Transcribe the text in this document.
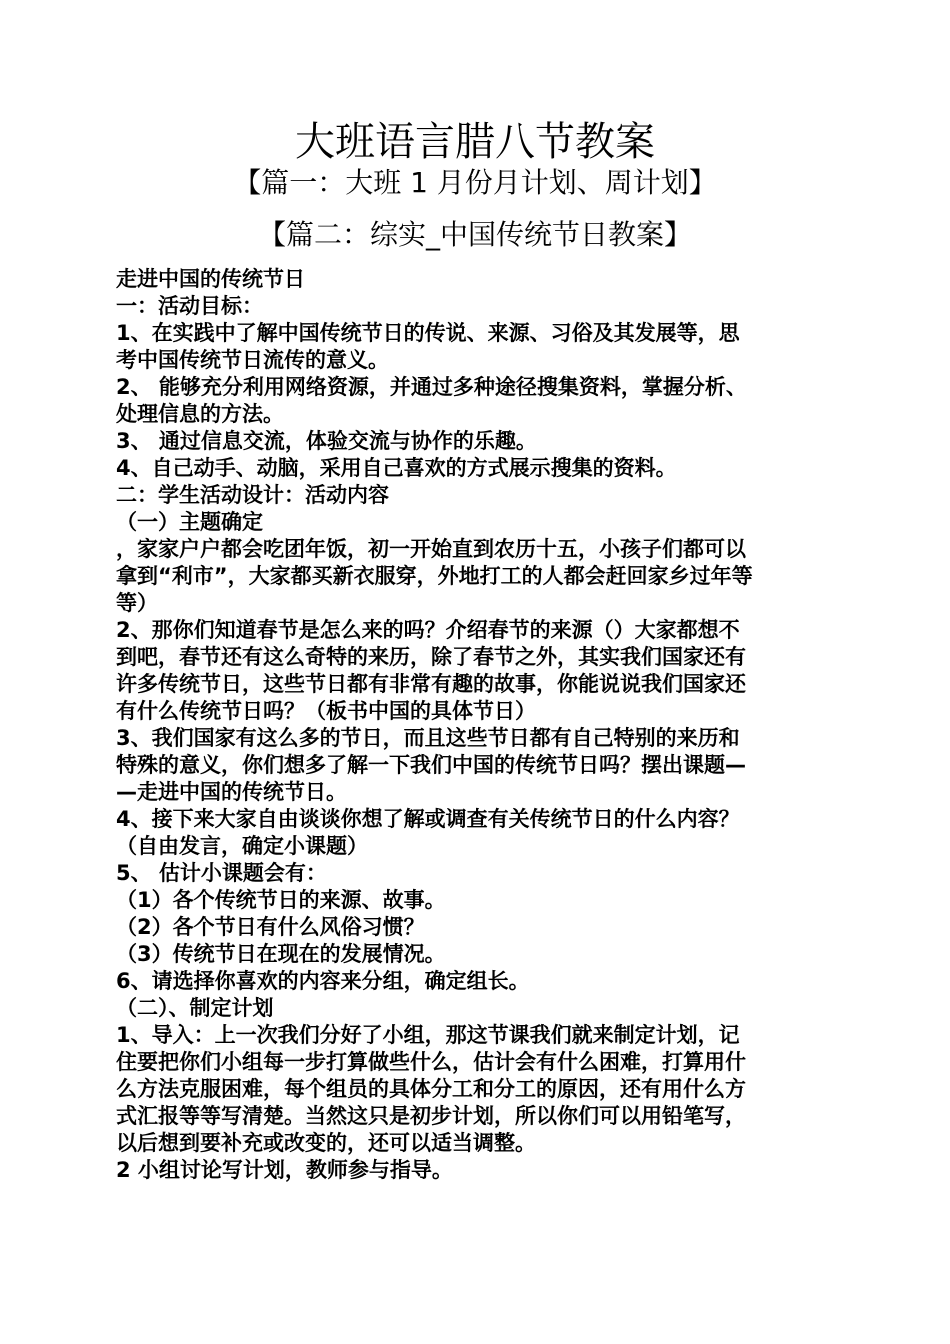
大班语言腊八节教案
【篇一：大班 1 月份月计划、周计划】
【篇二：综实_中国传统节日教案】
走进中国的传统节日
一：活动目标：
1、在实践中了解中国传统节日的传说、来源、习俗及其发展等，思
考中国传统节日流传的意义。
2、 能够充分利用网络资源，并通过多种途径搜集资料，掌握分析、
处理信息的方法。
3、 通过信息交流，体验交流与协作的乐趣。
4、自己动手、动脑，采用自己喜欢的方式展示搜集的资料。
二：学生活动设计：活动内容
（一）主题确定
，家家户户都会吃团年饭，初一开始直到农历十五，小孩子们都可以
拿到“利市”，大家都买新衣服穿，外地打工的人都会赶回家乡过年等
等）
2、那你们知道春节是怎么来的吗？介绍春节的来源（）大家都想不
到吧，春节还有这么奇特的来历，除了春节之外，其实我们国家还有
许多传统节日，这些节日都有非常有趣的故事，你能说说我们国家还
有什么传统节日吗？（板书中国的具体节日）
3、我们国家有这么多的节日，而且这些节日都有自己特别的来历和
特殊的意义，你们想多了解一下我们中国的传统节日吗？摆出课题—
—走进中国的传统节日。
4、接下来大家自由谈谈你想了解或调查有关传统节日的什么内容？
（自由发言，确定小课题）
5、 估计小课题会有：
（1）各个传统节日的来源、故事。
（2）各个节日有什么风俗习惯？
（3）传统节日在现在的发展情况。
6、请选择你喜欢的内容来分组，确定组长。
（二）、制定计划
1、导入：上一次我们分好了小组，那这节课我们就来制定计划，记
住要把你们小组每一步打算做些什么，估计会有什么困难，打算用什
么方法克服困难，每个组员的具体分工和分工的原因，还有用什么方
式汇报等等写清楚。当然这只是初步计划，所以你们可以用铅笔写，
以后想到要补充或改变的，还可以适当调整。
2 小组讨论写计划，教师参与指导。
